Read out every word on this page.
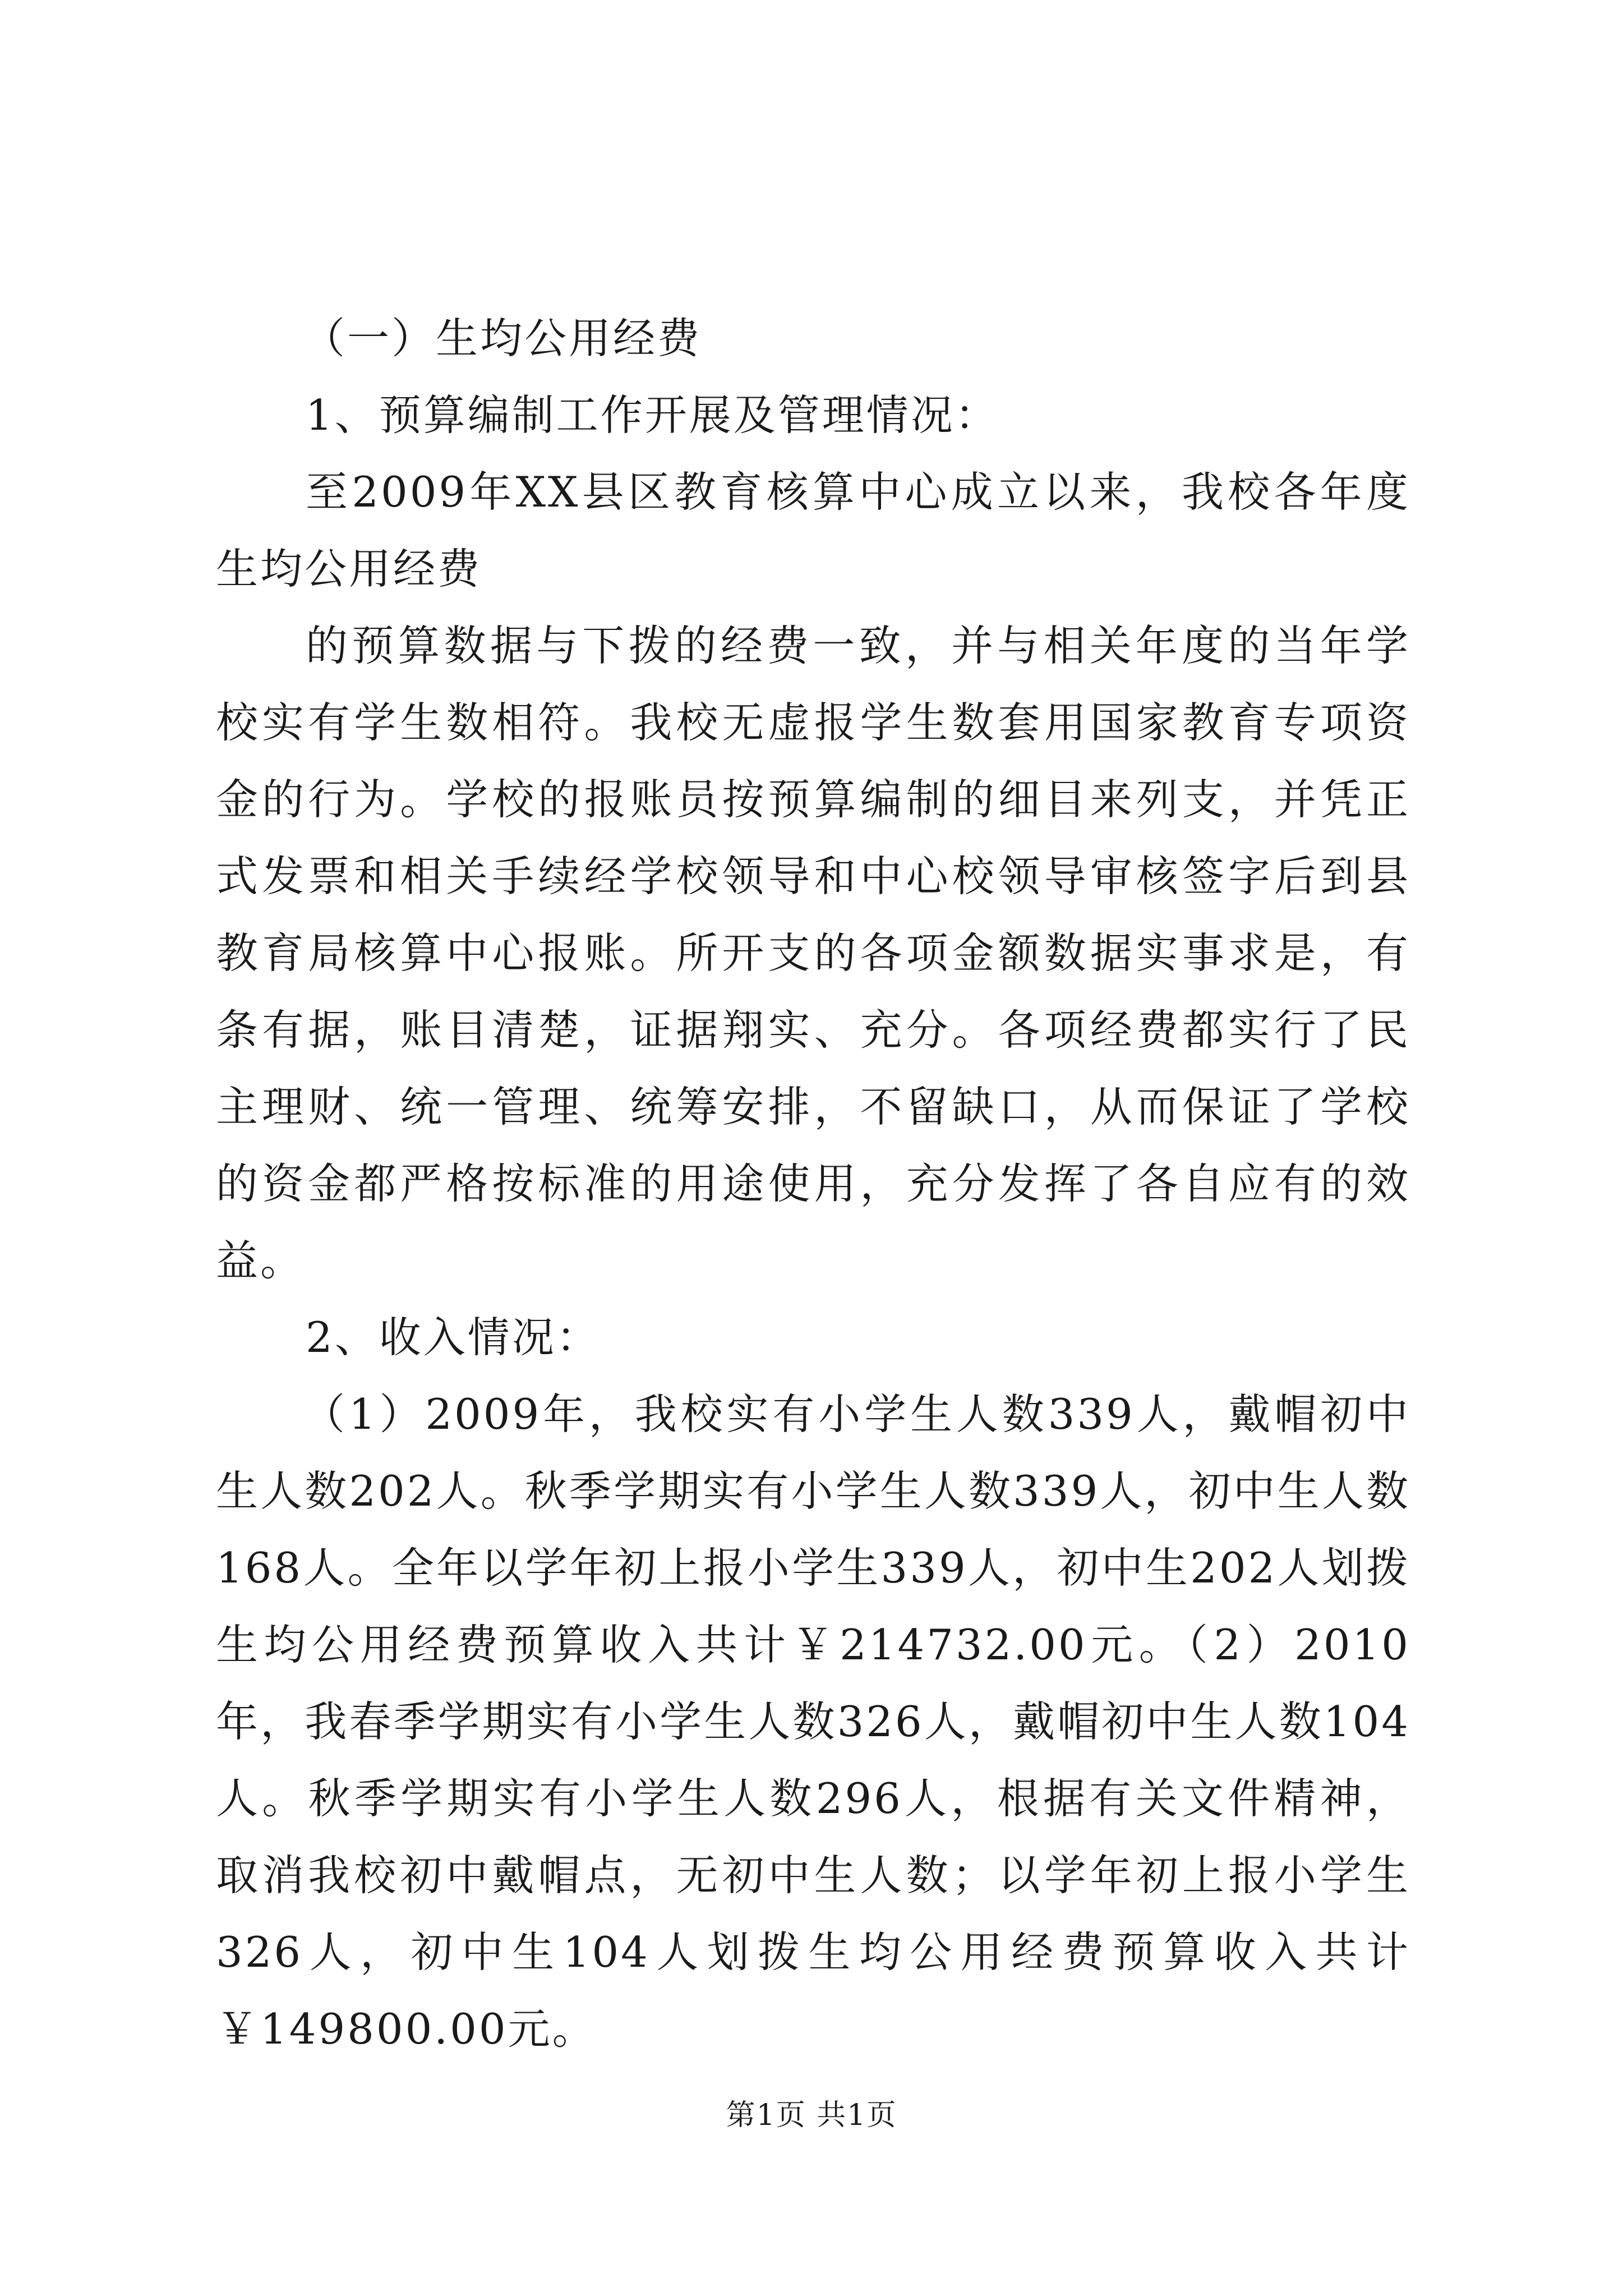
（一）生均公用经费

1、预算编制工作开展及管理情况：

至2009年XX县区教育核算中心成立以来，我校各年度生均公用经费

的预算数据与下拨的经费一致，并与相关年度的当年学校实有学生数相符。我校无虚报学生数套用国家教育专项资金的行为。学校的报账员按预算编制的细目来列支，并凭正式发票和相关手续经学校领导和中心校领导审核签字后到县教育局核算中心报账。所开支的各项金额数据实事求是，有条有据，账目清楚，证据翔实、充分。各项经费都实行了民主理财、统一管理、统筹安排，不留缺口，从而保证了学校的资金都严格按标准的用途使用，充分发挥了各自应有的效益。

2、收入情况：

（1）2009年，我校实有小学生人数339人，戴帽初中生人数202人。秋季学期实有小学生人数339人，初中生人数168人。全年以学年初上报小学生339人，初中生202人划拨生均公用经费预算收入共计￥214732.00元。（2）2010年，我春季学期实有小学生人数326人，戴帽初中生人数104人。秋季学期实有小学生人数296人，根据有关文件精神，取消我校初中戴帽点，无初中生人数；以学年初上报小学生326人，初中生104人划拨生均公用经费预算收入共计￥149800.00元。

第1页 共1页
